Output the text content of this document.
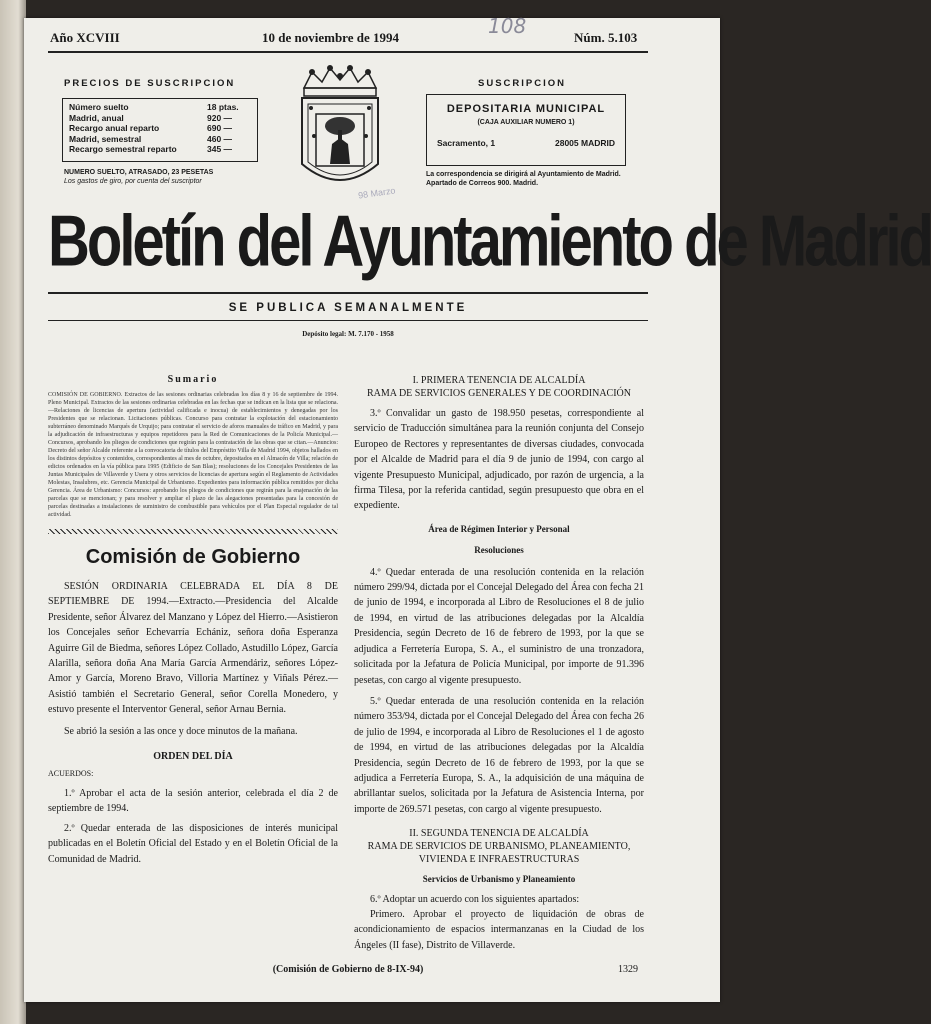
Año XCVIII	10 de noviembre de 1994	Núm. 5.103
108
PRECIOS DE SUSCRIPCION
Número suelto	18 ptas.
Madrid, anual	920 —
Recargo anual reparto	690 —
Madrid, semestral	460 —
Recargo semestral reparto	345 —
NUMERO SUELTO, ATRASADO, 23 PESETAS
Los gastos de giro, por cuenta del suscriptor
98 Marzo
SUSCRIPCION
DEPOSITARIA MUNICIPAL
(CAJA AUXILIAR NUMERO 1)
Sacramento, 1	28005 MADRID
La correspondencia se dirigirá al Ayuntamiento de Madrid. Apartado de Correos 900. Madrid.
Boletín del Ayuntamiento de Madrid
SE PUBLICA SEMANALMENTE
Depósito legal: M. 7.170 - 1958
Sumario
COMISIÓN DE GOBIERNO. Extractos de las sesiones ordinarias celebradas los días 8 y 16 de septiembre de 1994. Pleno Municipal. Extractos de las sesiones ordinarias celebradas en las fechas que se indican en la lista que se relaciona.—Relaciones de licencias de apertura (actividad calificada e inocua) de establecimientos y denegadas por los Presidentes que se relacionan. Licitaciones públicas. Concurso para contratar la explotación del estacionamiento subterráneo denominado Marqués de Urquijo; para contratar el servicio de aforos manuales de tráfico en Madrid, y para la adjudicación de infraestructuras y equipos repetidores para la Red de Comunicaciones de la Policía Municipal.—Concursos, aprobando los pliegos de condiciones que regirán para la contratación de las obras que se citan.—Anuncios: Decreto del señor Alcalde referente a la convocatoria de títulos del Empréstito Villa de Madrid 1994, objetos hallados en los distintos depósitos y contenidos, correspondientes al mes de octubre, depositados en el Almacén de Villa; relación de edictos ordenados en la vía pública para 1995 (Edificio de San Blas); resoluciones de los Concejales Presidentes de las Juntas Municipales de Villaverde y Usera y otros servicios de licencias de apertura según el Reglamento de Actividades Molestas, Insalubres, etc. Gerencia Municipal de Urbanismo. Expedientes para información pública remitidos por dicha Gerencia. Área de Urbanismo: Concursos: aprobando los pliegos de condiciones que regirán para la enajenación de las parcelas que se mencionan; y para resolver y ampliar el plazo de las alegaciones presentadas para la concesión de parcelas destinadas a instalaciones de suministro de combustible para vehículos por el Plan Especial regulador de tal actividad.
Comisión de Gobierno

SESIÓN ORDINARIA CELEBRADA EL DÍA 8 DE SEPTIEMBRE DE 1994.—Extracto.—Presidencia del Alcalde Presidente, señor Álvarez del Manzano y López del Hierro.—Asistieron los Concejales señor Echevarría Echániz, señora doña Esperanza Aguirre Gil de Biedma, señores López Collado, Astudillo López, García Alarilla, señora doña Ana María García Armendáriz, señores López-Amor y García, Moreno Bravo, Villoria Martínez y Viñals Pérez.—Asistió también el Secretario General, señor Corella Monedero, y estuvo presente el Interventor General, señor Arnau Bernia.

Se abrió la sesión a las once y doce minutos de la mañana.

ORDEN DEL DÍA
ACUERDOS:

1.º Aprobar el acta de la sesión anterior, celebrada el día 2 de septiembre de 1994.

2.º Quedar enterada de las disposiciones de interés municipal publicadas en el Boletín Oficial del Estado y en el Boletín Oficial de la Comunidad de Madrid.

I. PRIMERA TENENCIA DE ALCALDÍA
RAMA DE SERVICIOS GENERALES Y DE COORDINACIÓN

3.º Convalidar un gasto de 198.950 pesetas, correspondiente al servicio de Traducción simultánea para la reunión conjunta del Consejo Europeo de Rectores y representantes de diversas ciudades, convocada por el Alcalde de Madrid para el día 9 de junio de 1994, con cargo al vigente Presupuesto Municipal, adjudicado, por razón de urgencia, a la firma Tilesa, por la referida cantidad, según presupuesto que obra en el expediente.

Área de Régimen Interior y Personal
Resoluciones

4.º Quedar enterada de una resolución contenida en la relación número 299/94, dictada por el Concejal Delegado del Área con fecha 21 de junio de 1994, e incorporada al Libro de Resoluciones el 8 de julio de 1994, en virtud de las atribuciones delegadas por la Alcaldía Presidencia, según Decreto de 16 de febrero de 1993, por la que se adjudica a Ferretería Europa, S. A., el suministro de una tronzadora, solicitada por la Jefatura de Policía Municipal, por importe de 91.396 pesetas, con cargo al vigente presupuesto.

5.º Quedar enterada de una resolución contenida en la relación número 353/94, dictada por el Concejal Delegado del Área con fecha 26 de julio de 1994, e incorporada al Libro de Resoluciones el 1 de agosto de 1994, en virtud de las atribuciones delegadas por la Alcaldía Presidencia, según Decreto de 16 de febrero de 1993, por la que se adjudica a Ferretería Europa, S. A., la adquisición de una máquina de abrillantar suelos, solicitada por la Jefatura de Asistencia Interna, por importe de 269.571 pesetas, con cargo al vigente presupuesto.

II. SEGUNDA TENENCIA DE ALCALDÍA
RAMA DE SERVICIOS DE URBANISMO, PLANEAMIENTO, VIVIENDA E INFRAESTRUCTURAS
Servicios de Urbanismo y Planeamiento

6.º Adoptar un acuerdo con los siguientes apartados:

Primero. Aprobar el proyecto de liquidación de obras de acondicionamiento de espacios intermanzanas en la Ciudad de los Ángeles (II fase), Distrito de Villaverde.

(Comisión de Gobierno de 8-IX-94)	1329
